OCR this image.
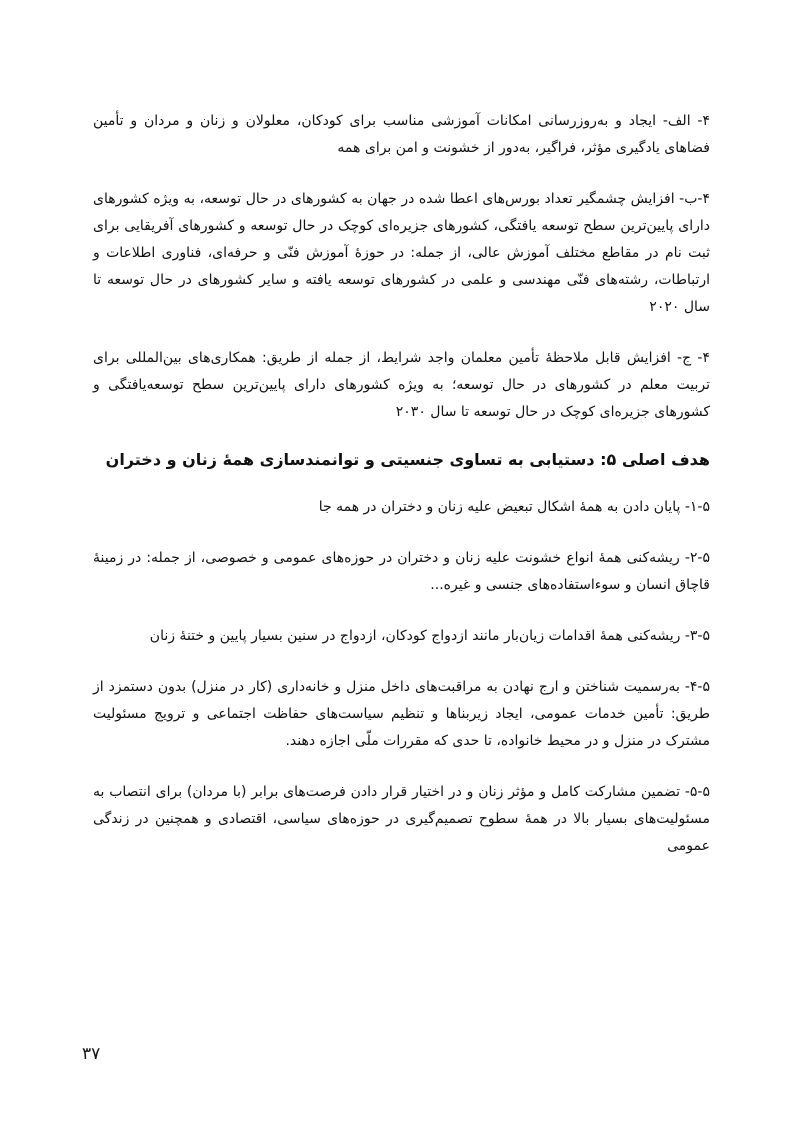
۴- الف- ایجاد و به‌روزرسانی امکانات آموزشی مناسب برای کودکان، معلولان و زنان و مردان و تأمین فضاهای یادگیری مؤثر، فراگیر، به‌دور از خشونت و امن برای همه

۴-ب- افزایش چشمگیر تعداد بورس‌های اعطا شده در جهان به کشورهای در حال توسعه، به ویژه کشورهای دارای پایین‌ترین سطح توسعه یافتگی، کشورهای جزیره‌ای کوچک در حال توسعه و کشورهای آفریقایی برای ثبت نام در مقاطع مختلف آموزش عالی، از جمله: در حوزهٔ آموزش فنّی و حرفه‌ای، فناوری اطلاعات و ارتباطات، رشته‌های فنّی مهندسی و علمی در کشورهای توسعه یافته و سایر کشورهای در حال توسعه تا سال ۲۰۲۰

۴- ج- افزایش قابل ملاحظهٔ تأمین معلمان واجد شرایط، از جمله از طریق: همکاری‌های بین‌المللی برای تربیت معلم در کشورهای در حال توسعه؛ به ویژه کشورهای دارای پایین‌ترین سطح توسعه‌یافتگی و کشورهای جزیره‌ای کوچک در حال توسعه تا سال ۲۰۳۰

هدف اصلی ۵: دستیابی به تساوی جنسیتی و توانمندسازی همهٔ زنان و دختران

۱-۵- پایان دادن به همهٔ اشکال تبعیض علیه زنان و دختران در همه جا

۲-۵- ریشه‌کنی همهٔ انواع خشونت علیه زنان و دختران در حوزه‌های عمومی و خصوصی، از جمله: در زمینهٔ قاچاق انسان و سوءاستفاده‌های جنسی و غیره...

۳-۵- ریشه‌کنی همهٔ اقدامات زیان‌بار مانند ازدواج کودکان، ازدواج در سنین بسیار پایین و ختنهٔ زنان

۴-۵- به‌رسمیت شناختن و ارج نهادن به مراقبت‌های داخل منزل و خانه‌داری (کار در منزل) بدون دستمزد از طریق: تأمین خدمات عمومی، ایجاد زیربناها و تنظیم سیاست‌های حفاظت اجتماعی و ترویج مسئولیت مشترک در منزل و در محیط خانواده، تا حدی که مقررات ملّی اجازه دهند.

۵-۵- تضمین مشارکت کامل و مؤثر زنان و در اختیار قرار دادن فرصت‌های برابر (با مردان) برای انتصاب به مسئولیت‌های بسیار بالا در همهٔ سطوح تصمیم‌گیری در حوزه‌های سیاسی، اقتصادی و همچنین در زندگی عمومی

۳۷
